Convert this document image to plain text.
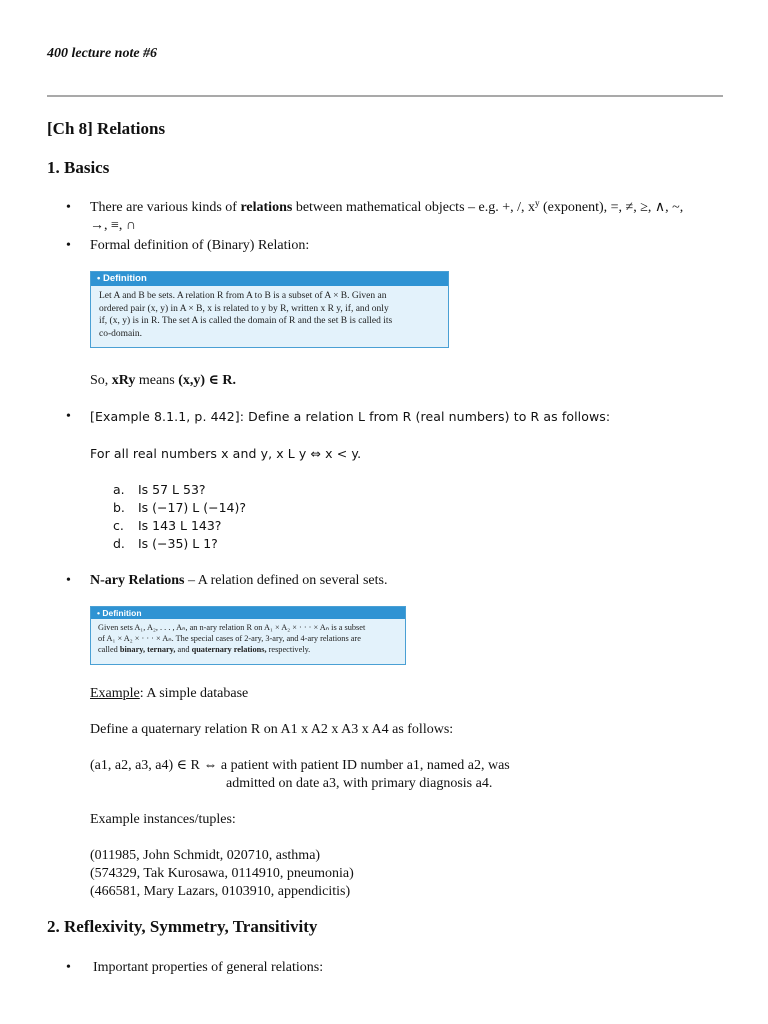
400 lecture note #6
[Ch 8] Relations
1. Basics
• There are various kinds of relations between mathematical objects – e.g. +, /, $x^y$ (exponent), =, ≠, ≥, ∧, ~,
→, ≡, ∩
• Formal definition of (Binary) Relation:
• Definition
Let A and B be sets. A relation R from A to B is a subset of A × B. Given an
ordered pair (x, y) in A × B, x is related to y by R, written x R y, if, and only
if, (x, y) is in R. The set A is called the domain of R and the set B is called its
co-domain.
So, xRy means (x,y) ∈ R.
• [Example 8.1.1, p. 442]: Define a relation L from R (real numbers) to R as follows:
For all real numbers x and y, x L y ⇔ x < y.
a. Is 57 L 53?
b. Is (−17) L (−14)?
c. Is 143 L 143?
d. Is (−35) L 1?
• N-ary Relations – A relation defined on several sets.
• Definition
Given sets A₁, A₂, . . . , Aₙ, an n-ary relation R on A₁ × A₂ × · · · × Aₙ is a subset
of A₁ × A₂ × · · · × Aₙ. The special cases of 2-ary, 3-ary, and 4-ary relations are
called binary, ternary, and quaternary relations, respectively.
Example: A simple database
Define a quaternary relation R on A1 x A2 x A3 x A4 as follows:
(a1, a2, a3, a4) ∈ R ⇔ a patient with patient ID number a1, named a2, was
admitted on date a3, with primary diagnosis a4.
Example instances/tuples:
(011985, John Schmidt, 020710, asthma)
(574329, Tak Kurosawa, 0114910, pneumonia)
(466581, Mary Lazars, 0103910, appendicitis)
2. Reflexivity, Symmetry, Transitivity
• Important properties of general relations:
